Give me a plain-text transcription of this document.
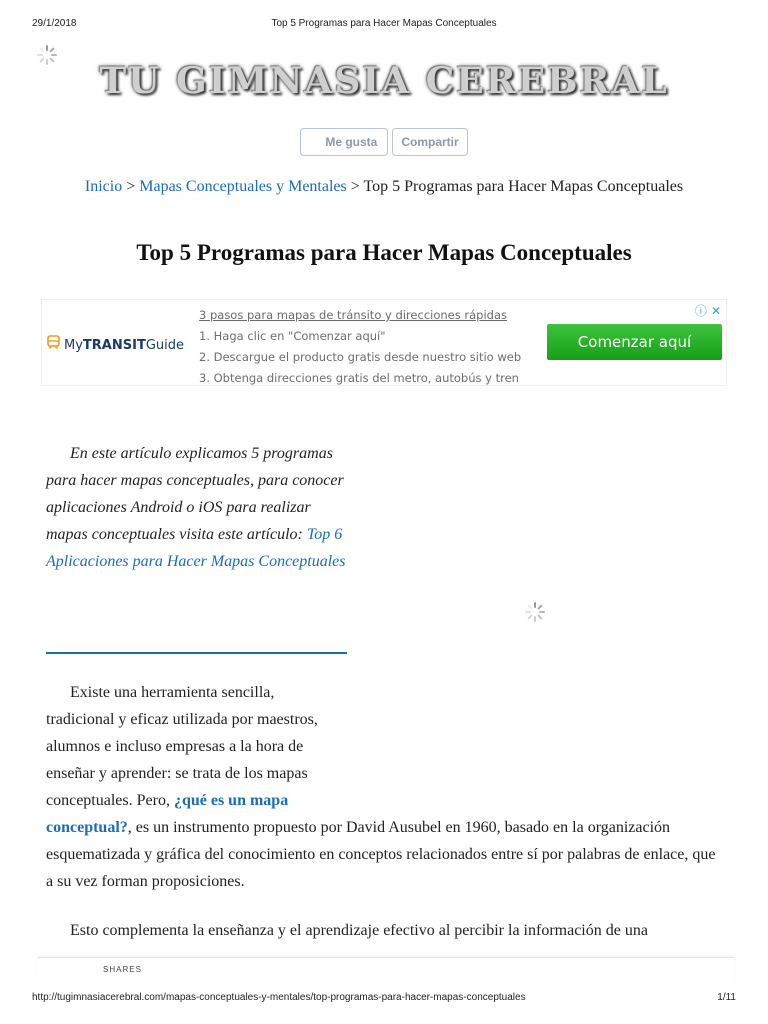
29/1/2018	Top 5 Programas para Hacer Mapas Conceptuales
TU GIMNASIA CEREBRAL
Me gusta Compartir
Inicio > Mapas Conceptuales y Mentales > Top 5 Programas para Hacer Mapas Conceptuales
Top 5 Programas para Hacer Mapas Conceptuales
MyTRANSITGuide
3 pasos para mapas de tránsito y direcciones rápidas
1. Haga clic en "Comenzar aquí"
2. Descargue el producto gratis desde nuestro sitio web
3. Obtenga direcciones gratis del metro, autobús y tren
Comenzar aquí
ⓘ ✕
En este artículo explicamos 5 programas para hacer mapas conceptuales, para conocer aplicaciones Android o iOS para realizar mapas conceptuales visita este artículo: Top 6 Aplicaciones para Hacer Mapas Conceptuales
Existe una herramienta sencilla, tradicional y eficaz utilizada por maestros, alumnos e incluso empresas a la hora de enseñar y aprender: se trata de los mapas conceptuales. Pero, ¿qué es un mapa
conceptual?, es un instrumento propuesto por David Ausubel en 1960, basado en la organización esquematizada y gráfica del conocimiento en conceptos relacionados entre sí por palabras de enlace, que a su vez forman proposiciones.
Esto complementa la enseñanza y el aprendizaje efectivo al percibir la información de una
SHARES
http://tugimnasiacerebral.com/mapas-conceptuales-y-mentales/top-programas-para-hacer-mapas-conceptuales	1/11
